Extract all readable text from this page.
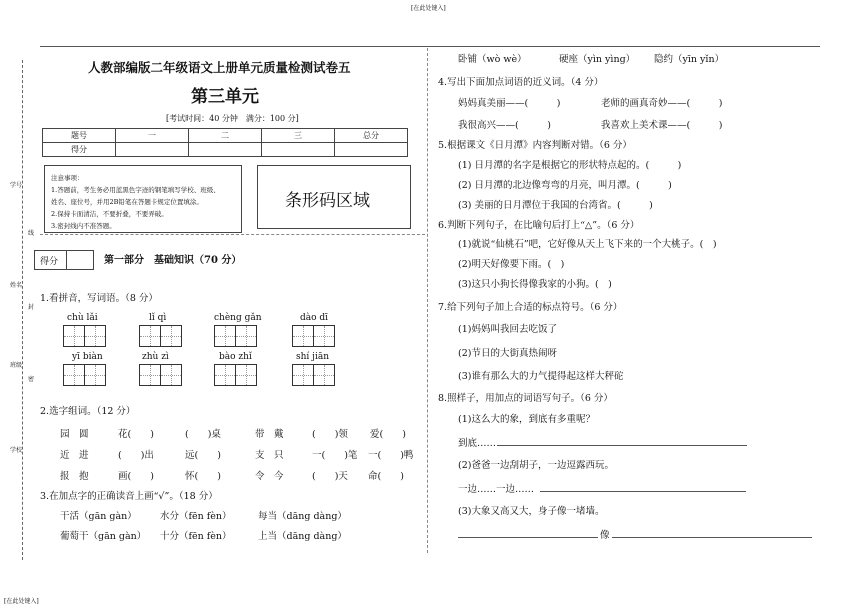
[在此处键入]
[在此处键入]
学号
姓名
班级
学校
线
封
密
人教部编版二年级语文上册单元质量检测试卷五
第三单元
[考试时间：40 分钟　满分：100 分]
题号	一	二	三	总分
得分				
注意事项：
1.答题前，考生务必用蓝黑色字迹的钢笔填写学校、班级、
姓名、座位号，并用2B铅笔在答题卡规定位置填涂。
2.保持卡面清洁，不要折叠，不要弄破。
3.密封线内不准答题。
条形码区域
得分	第一部分　基础知识（70 分）
1.看拼音，写词语。（8 分）
chù lǎi	lǐ qì	chèng gǎn	dào dī
yī biàn	zhù zì	bào zhǐ	shí jiān
2.选字组词。（12 分）
园　圆	花(　　)	(　　)桌	带　戴	(　　)领 爱(　　)
近　进	(　　)出	远(　　)	支　只	一(　　)笔 一(　　)鸭
报　抱	画(　　)	怀(　　)	令　今	(　　)天 命(　　)
3.在加点字的正确读音上画“√”。（18 分）
干活（gān gàn） 水分（fēn fèn）	每当（dāng dàng）
葡萄干（gān gàn） 十分（fēn fèn）	上当（dāng dàng）
卧铺（wò wè）	硬座（yìn yìng） 隐约（yīn yǐn）
4.写出下面加点词语的近义词。（4 分）
妈妈真美丽——(　　　)	老师的画真奇妙——(　　　)
我很高兴——(　　　)	我喜欢上美术课——(　　　)
5.根据课文《日月潭》内容判断对错。（6 分）
(1) 日月潭的名字是根据它的形状特点起的。(　　　)
(2) 日月潭的北边像弯弯的月亮，叫月潭。(　　　)
(3) 美丽的日月潭位于我国的台湾省。(　　　)
6.判断下列句子，在比喻句后打上“△”。（6 分）
(1)就说“仙桃石”吧，它好像从天上飞下来的一个大桃子。(　)
(2)明天好像要下雨。(　)
(3)这只小狗长得像我家的小狗。(　)
7.给下列句子加上合适的标点符号。（6 分）
(1)妈妈叫我回去吃饭了
(2)节日的大街真热闹呀
(3)谁有那么大的力气提得起这样大秤砣
8.照样子，用加点的词语写句子。（6 分）
(1)这么大的象，到底有多重呢？
到底……
(2)爸爸一边刮胡子，一边逗露西玩。
一边……一边……
(3)大象又高又大，身子像一堵墙。
像
